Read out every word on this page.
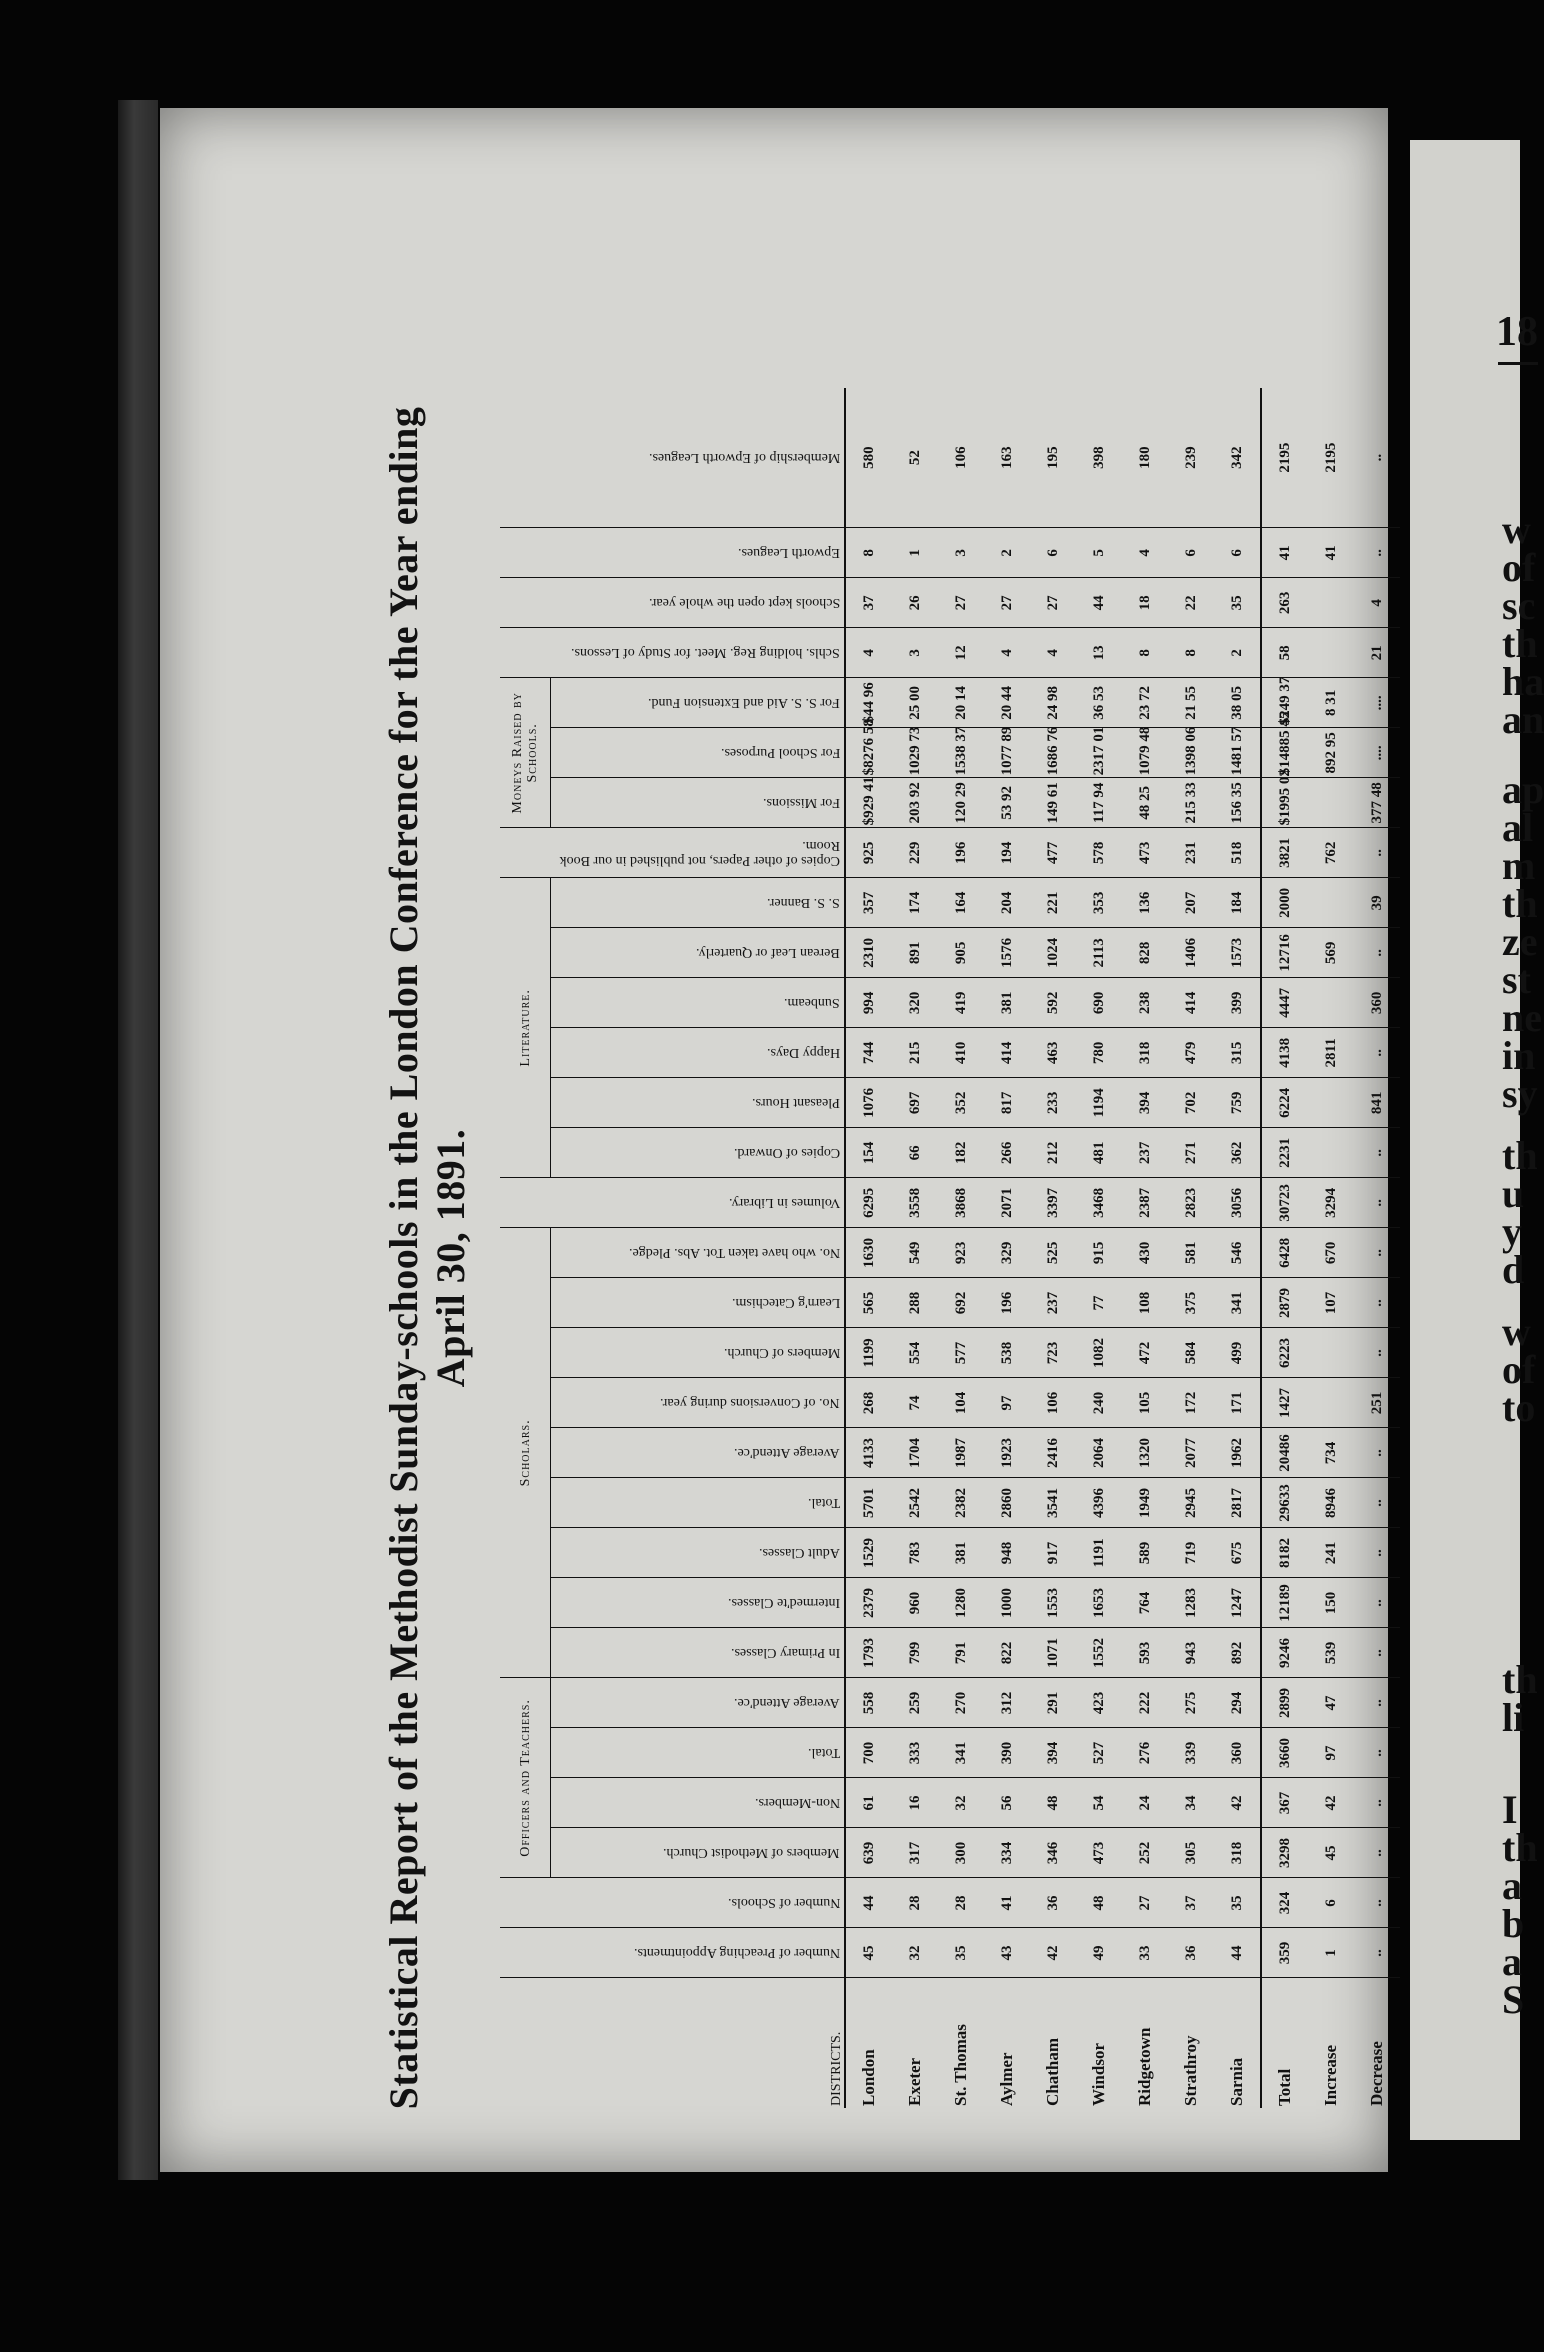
Statistical Report of the Methodist Sunday-schools in the London Conference for the Year ending April 30, 1891.
DISTRICTS.	Number of Preaching Appointments.	Number of Schools.	Officers and Teachers.				Scholars.									Volumes in Library.	Literature.						Copies of other Papers, not published in our Book Room.	Moneys Raised by Schools.			Schls. holding Reg. Meet. for Study of Lessons.	Schools kept open the whole year.	Epworth Leagues.	Membership of Epworth Leagues.
			Members of Methodist Church.	Non-Members.	Total.	Average Attend'ce.	In Primary Classes.	Intermed'te Classes.	Adult Classes.	Total.	Average Attend'ce.	No. of Conversions during year.	Members of Church.	Learn'g Catechism.	No. who have taken Tot. Abs. Pledge.		Copies of Onward.	Pleasant Hours.	Happy Days.	Sunbeam.	Berean Leaf or Quarterly.	S. S. Banner.		For Missions.	For School Purposes.	For S. S. Aid and Extension Fund.				
London	45	44	639	61	700	558	1793	2379	1529	5701	4133	268	1199	565	1630	6295	154	1076	744	994	2310	357	925	$929 41	$8276 58	$44 96	4	37	8	580
Exeter	32	28	317	16	333	259	799	960	783	2542	1704	74	554	288	549	3558	66	697	215	320	891	174	229	203 92	1029 73	25 00	3	26	1	52
St. Thomas	35	28	300	32	341	270	791	1280	381	2382	1987	104	577	692	923	3868	182	352	410	419	905	164	196	120 29	1538 37	20 14	12	27	3	106
Aylmer	43	41	334	56	390	312	822	1000	948	2860	1923	97	538	196	329	2071	266	817	414	381	1576	204	194	53 92	1077 89	20 44	4	27	2	163
Chatham	42	36	346	48	394	291	1071	1553	917	3541	2416	106	723	237	525	3397	212	233	463	592	1024	221	477	149 61	1686 76	24 98	4	27	6	195
Windsor	49	48	473	54	527	423	1552	1653	1191	4396	2064	240	1082	77	915	3468	481	1194	780	690	2113	353	578	117 94	2317 01	36 53	13	44	5	398
Ridgetown	33	27	252	24	276	222	593	764	589	1949	1320	105	472	108	430	2387	237	394	318	238	828	136	473	48 25	1079 48	23 72	8	18	4	180
Strathroy	36	37	305	34	339	275	943	1283	719	2945	2077	172	584	375	581	2823	271	702	479	414	1406	207	231	215 33	1398 06	21 55	8	22	6	239
Sarnia	44	35	318	42	360	294	892	1247	675	2817	1962	171	499	341	546	3056	362	759	315	399	1573	184	518	156 35	1481 57	38 05	2	35	6	342
Total	359	324	3298	367	3660	2899	9246	12189	8182	29633	20486	1427	6223	2879	6428	30723	2231	6224	4138	4447	12716	2000	3821	$1995 02	$14885 45	$249 37	58	263	41	2195
Increase	1	6	45	42	97	47	539	150	241	8946	734			107	670	3294			2811		569		762		892 95	8 31			41	2195
Decrease	..	..	..	..	..	..	..	..	..	..	..	251	..	..	..	..	..	841	..	360	..	39	..	377 48	....	....	21	4	..	..
18
w
of
sc
th
ha
an
ap
al
m
th
ze
st
ne
in
sy
th
u
y
d
w
of
to
th
li
I
th
a
b
a
S
